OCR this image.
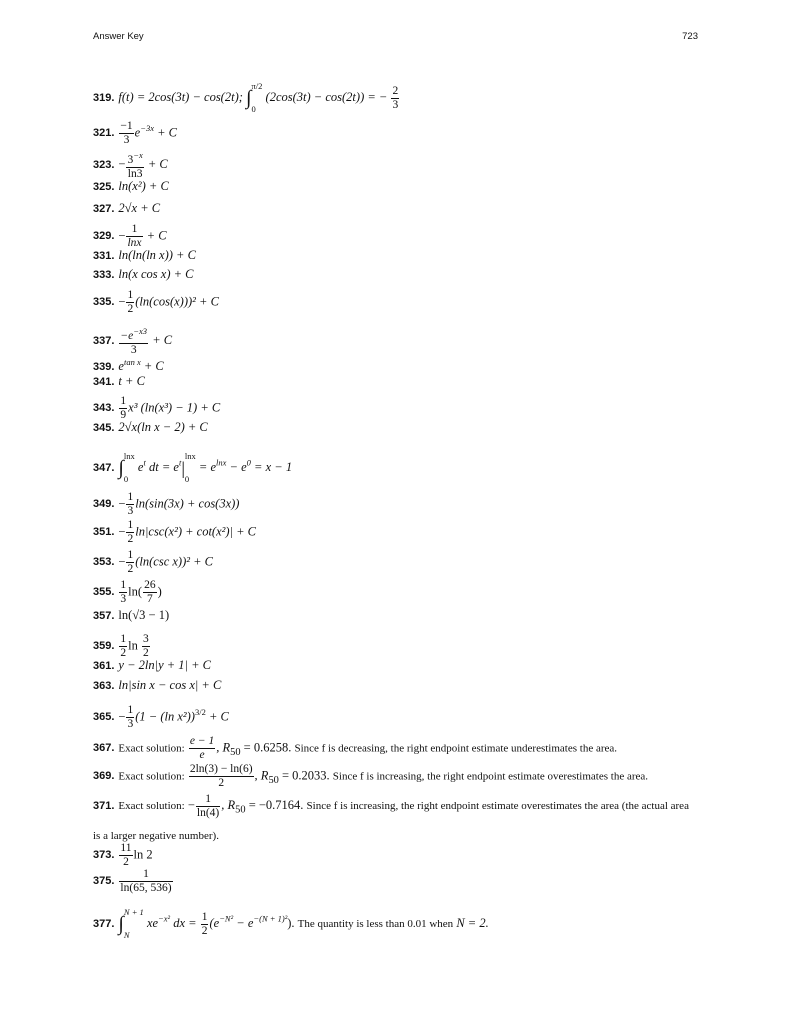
Answer Key	723
319. f(t) = 2cos(3t) − cos(2t); ∫
π/2
0
(2cos(3t) − cos(2t)) = − $\frac{2}{3}$
321. $\frac{-1}{3} e^{-3x} + C$
323. − $\frac{3^{-x}}{\ln 3} + C$
325. ln(x²) + C
327. 2√x + C
329. − $\frac{1}{\ln x} + C$
331. ln(ln(ln x)) + C
333. ln(x cos x) + C
335. − $\frac{1}{2} (\ln(\cos(x)))^2 + C$
337. $\frac{-e^{-x3}}{3} + C$
339. $e^{tan x} + C$
341. t + C
343. $\frac{1}{9} x^3$ (ln(x³) − 1) + C
345. 2√x(ln x − 2) + C
347. ∫
lnx
0
$e^t$ dt = $e^t|$
lnx
0
= $e^{lnx} - e^0 = x - 1$
349. − $\frac{1}{3} \ln(\sin(3x) + \cos(3x))$
351. − $\frac{1}{2} \ln|\csc(x^2) + \cot(x^2)| + C$
353. − $\frac{1}{2} (\ln(\csc$ x))² + C
355. $\frac{1}{3} \ln( \frac{26}{7}$ )
357. ln(√3 − 1)
359. $\frac{1}{2}$ $\ln \frac{3}{2}$
361. y − 2ln|y + 1| + C
363. ln|sin x − cos x| + C
365. − $\frac{1}{3} (1 - (\ln$ x²))$^{3/2}$ + C
367. Exact solution: $\frac{e - 1}{e}$ , $R_{50} = 0.6258$. Since f is decreasing, the right endpoint estimate underestimates the area.
369. Exact solution: $\frac{2\ln(3) - \ln(6)}{2}$ , $R_{50} = 0.2033$. Since f is increasing, the right endpoint estimate overestimates the area.
371. Exact solution: − $\frac{1}{\ln(4)}$ , $R_{50} = -0.7164$. Since f is increasing, the right endpoint estimate overestimates the area (the actual area is a larger negative number).
373. $\frac{11}{2}$ ln 2
375. $\frac{1}{\ln(65, 536)}$
377. ∫
N + 1
N
$xe^{-x^2}$ dx = $\frac{1}{2} (e^{-N^2} - e^{-(N + 1)^2})$. The quantity is less than 0.01 when N = 2.
